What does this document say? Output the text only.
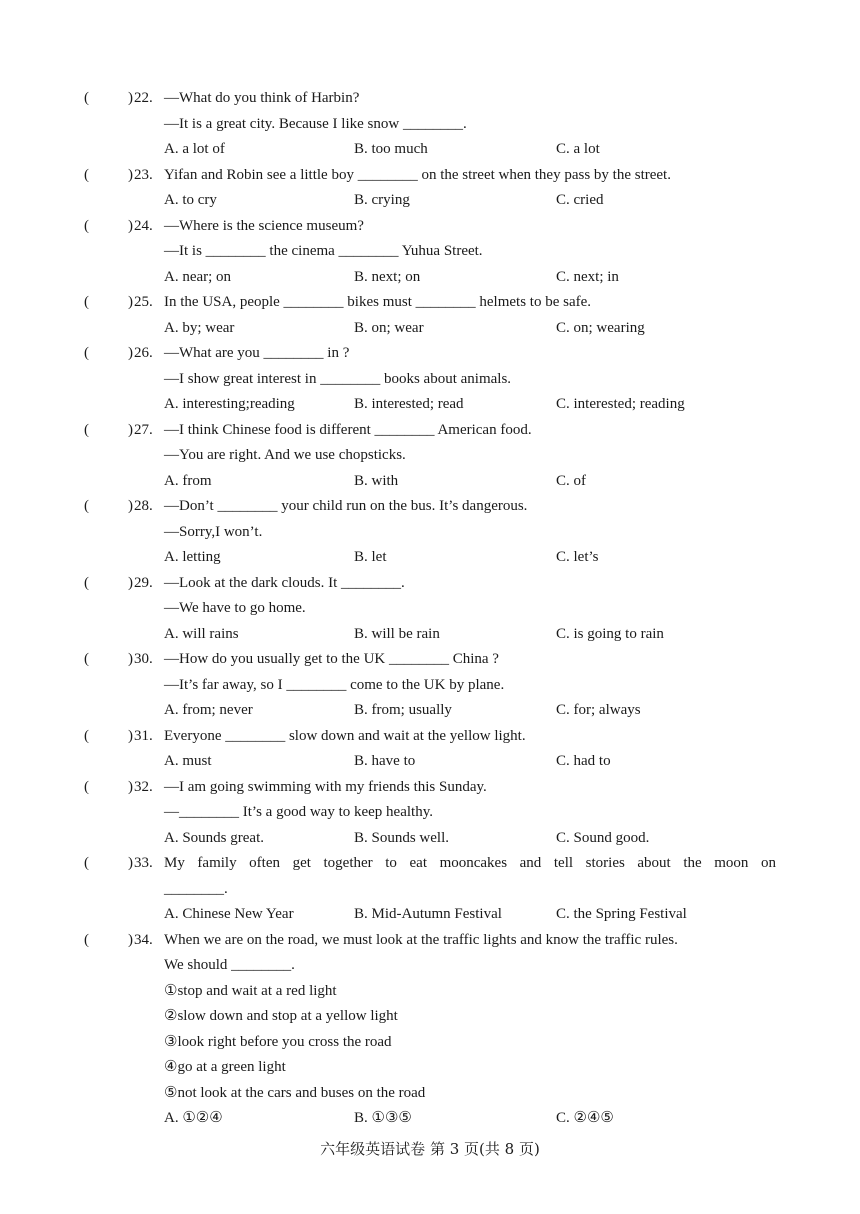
(	) 22. —What do you think of Harbin?
—It is a great city. Because I like snow ________.
A. a lot of	B. too much	C. a lot
(	) 23. Yifan and Robin see a little boy ________ on the street when they pass by the street.
A. to cry	B. crying	C. cried
(	) 24. —Where is the science museum?
—It is ________ the cinema ________ Yuhua Street.
A. near; on	B. next; on	C. next; in
(	) 25. In the USA, people ________ bikes must ________ helmets to be safe.
A. by; wear	B. on; wear	C. on; wearing
(	) 26. —What are you ________ in ?
—I show great interest in ________ books about animals.
A. interesting;reading	B. interested; read	C. interested; reading
(	) 27. —I think Chinese food is different ________ American food.
—You are right. And we use chopsticks.
A. from	B. with	C. of
(	) 28. —Don’t ________ your child run on the bus. It’s dangerous.
—Sorry,I won’t.
A. letting	B. let	C. let’s
(	) 29. —Look at the dark clouds. It ________.
—We have to go home.
A. will rains	B. will be rain	C. is going to rain
(	) 30. —How do you usually get to the UK ________ China ?
—It’s far away, so I ________ come to the UK by plane.
A. from; never	B. from; usually	C. for; always
(	) 31. Everyone ________ slow down and wait at the yellow light.
A. must	B. have to	C. had to
(	) 32. —I am going swimming with my friends this Sunday.
—________ It’s a good way to keep healthy.
A. Sounds great.	B. Sounds well.	C. Sound good.
(	) 33. My family often get together to eat mooncakes and tell stories about the moon on
________.
A. Chinese New Year	B. Mid-Autumn Festival	C. the Spring Festival
(	) 34. When we are on the road, we must look at the traffic lights and know the traffic rules.
We should ________.
①stop and wait at a red light
②slow down and stop at a yellow light
③look right before you cross the road
④go at a green light
⑤not look at the cars and buses on the road
A. ①②④	B. ①③⑤	C. ②④⑤
六年级英语试卷 第 3 页(共 8 页)
